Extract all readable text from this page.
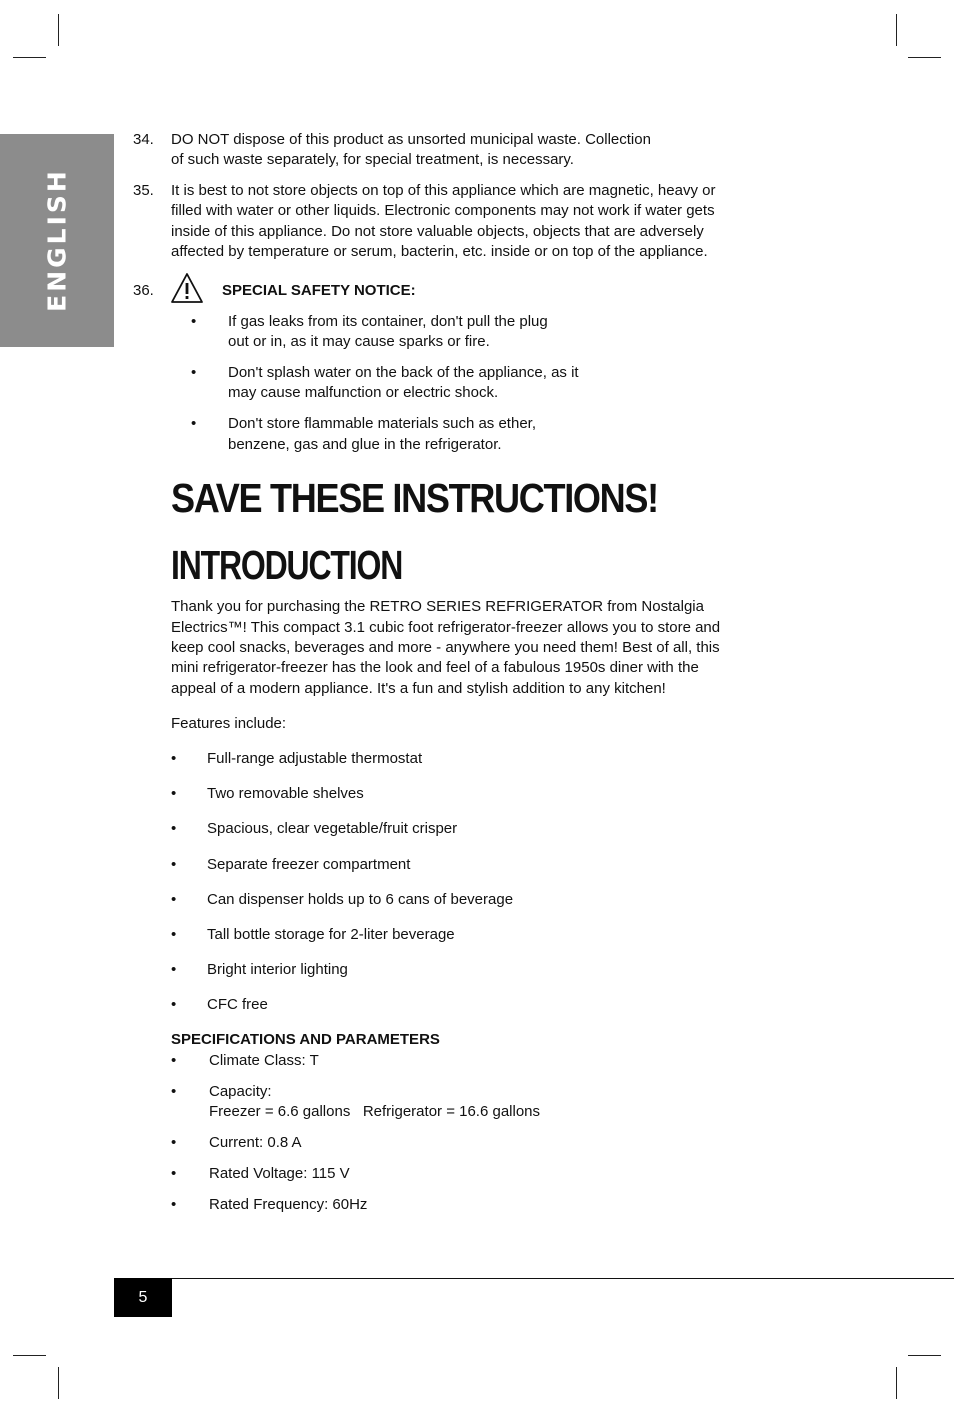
ENGLISH
34. DO NOT dispose of this product as unsorted municipal waste. Collection
of such waste separately, for special treatment, is necessary.
35. It is best to not store objects on top of this appliance which are magnetic, heavy or
filled with water or other liquids. Electronic components may not work if water gets
inside of this appliance. Do not store valuable objects, objects that are adversely
affected by temperature or serum, bacterin, etc. inside or on top of the appliance.
36.	SPECIAL SAFETY NOTICE:
• If gas leaks from its container, don't pull the plug
out or in, as it may cause sparks or fire.
• Don't splash water on the back of the appliance, as it
may cause malfunction or electric shock.
• Don't store flammable materials such as ether,
benzene, gas and glue in the refrigerator.
SAVE THESE INSTRUCTIONS!
INTRODUCTION
Thank you for purchasing the RETRO SERIES REFRIGERATOR from Nostalgia
Electrics™! This compact 3.1 cubic foot refrigerator-freezer allows you to store and
keep cool snacks, beverages and more - anywhere you need them! Best of all, this
mini refrigerator-freezer has the look and feel of a fabulous 1950s diner with the
appeal of a modern appliance. It's a fun and stylish addition to any kitchen!
Features include:
• Full-range adjustable thermostat
• Two removable shelves
• Spacious, clear vegetable/fruit crisper
• Separate freezer compartment
• Can dispenser holds up to 6 cans of beverage
• Tall bottle storage for 2-liter beverage
• Bright interior lighting
• CFC free
SPECIFICATIONS AND PARAMETERS
• Climate Class: T
• Capacity:
Freezer = 6.6 gallons   Refrigerator = 16.6 gallons
• Current: 0.8 A
• Rated Voltage: 115 V
• Rated Frequency: 60Hz
5
